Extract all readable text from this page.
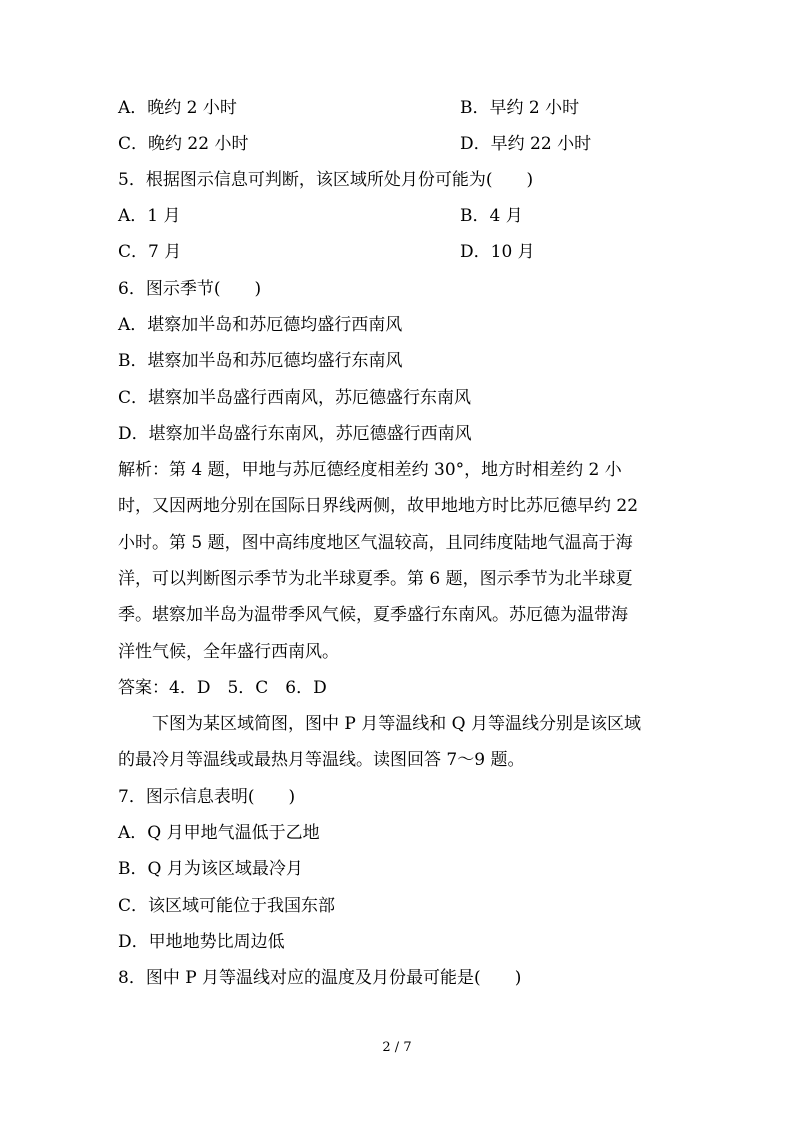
A．晚约 2 小时	B．早约 2 小时
C．晚约 22 小时	D．早约 22 小时
5．根据图示信息可判断，该区域所处月份可能为(　　)
A．1 月	B．4 月
C．7 月	D．10 月
6．图示季节(　　)
A．堪察加半岛和苏厄德均盛行西南风
B．堪察加半岛和苏厄德均盛行东南风
C．堪察加半岛盛行西南风，苏厄德盛行东南风
D．堪察加半岛盛行东南风，苏厄德盛行西南风
解析：第 4 题，甲地与苏厄德经度相差约 30°，地方时相差约 2 小
时，又因两地分别在国际日界线两侧，故甲地地方时比苏厄德早约 22
小时。第 5 题，图中高纬度地区气温较高，且同纬度陆地气温高于海
洋，可以判断图示季节为北半球夏季。第 6 题，图示季节为北半球夏
季。堪察加半岛为温带季风气候，夏季盛行东南风。苏厄德为温带海
洋性气候，全年盛行西南风。
答案：4．D　5．C　6．D
　　下图为某区域简图，图中 P 月等温线和 Q 月等温线分别是该区域
的最冷月等温线或最热月等温线。读图回答 7～9 题。
7．图示信息表明(　　)
A．Q 月甲地气温低于乙地
B．Q 月为该区域最冷月
C．该区域可能位于我国东部
D．甲地地势比周边低
8．图中 P 月等温线对应的温度及月份最可能是(　　)
2 / 7
